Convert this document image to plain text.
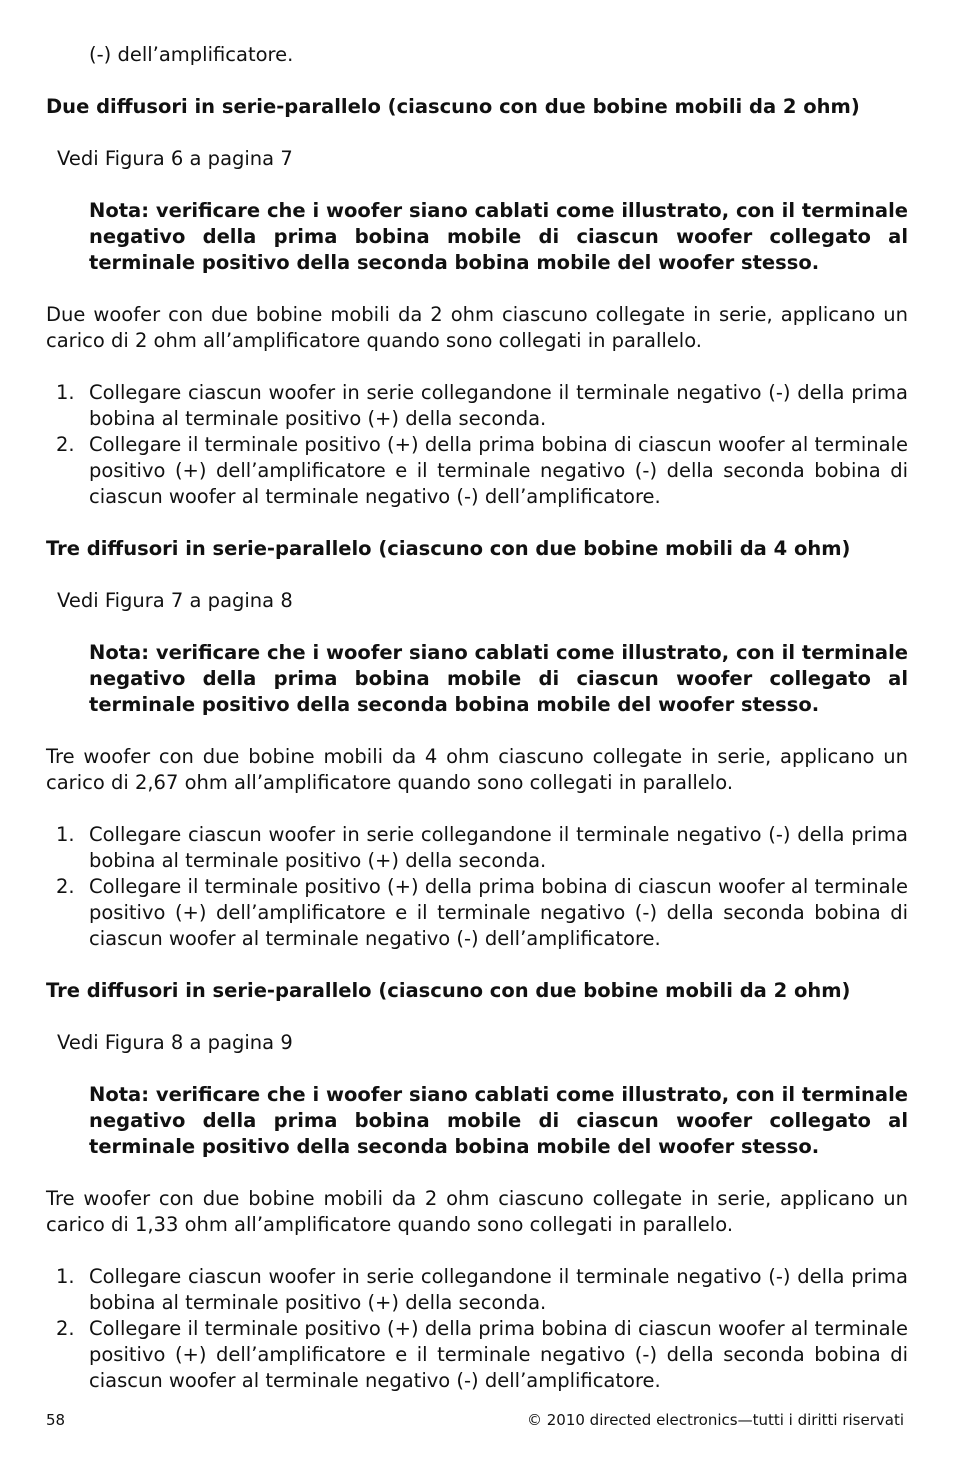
(-) dell’amplificatore.

Due diffusori in serie-parallelo (ciascuno con due bobine mobili da 2 ohm)

Vedi Figura 6 a pagina 7

Nota: verificare che i woofer siano cablati come illustrato, con il terminale negativo della prima bobina mobile di ciascun woofer collegato al terminale positivo della seconda bobina mobile del woofer stesso.

Due woofer con due bobine mobili da 2 ohm ciascuno collegate in serie, applicano un carico di 2 ohm all’amplificatore quando sono collegati in parallelo.

1. Collegare ciascun woofer in serie collegandone il terminale negativo (-) della prima bobina al terminale positivo (+) della seconda.
2. Collegare il terminale positivo (+) della prima bobina di ciascun woofer al terminale positivo (+) dell’amplificatore e il terminale negativo (-) della seconda bobina di ciascun woofer al terminale negativo (-) dell’amplificatore.

Tre diffusori in serie-parallelo (ciascuno con due bobine mobili da 4 ohm)

Vedi Figura 7 a pagina 8

Nota: verificare che i woofer siano cablati come illustrato, con il terminale negativo della prima bobina mobile di ciascun woofer collegato al terminale positivo della seconda bobina mobile del woofer stesso.

Tre woofer con due bobine mobili da 4 ohm ciascuno collegate in serie, applicano un carico di 2,67 ohm all’amplificatore quando sono collegati in parallelo.

1. Collegare ciascun woofer in serie collegandone il terminale negativo (-) della prima bobina al terminale positivo (+) della seconda.
2. Collegare il terminale positivo (+) della prima bobina di ciascun woofer al terminale positivo (+) dell’amplificatore e il terminale negativo (-) della seconda bobina di ciascun woofer al terminale negativo (-) dell’amplificatore.

Tre diffusori in serie-parallelo (ciascuno con due bobine mobili da 2 ohm)

Vedi Figura 8 a pagina 9

Nota: verificare che i woofer siano cablati come illustrato, con il terminale negativo della prima bobina mobile di ciascun woofer collegato al terminale positivo della seconda bobina mobile del woofer stesso.

Tre woofer con due bobine mobili da 2 ohm ciascuno collegate in serie, applicano un carico di 1,33 ohm all’amplificatore quando sono collegati in parallelo.

1. Collegare ciascun woofer in serie collegandone il terminale negativo (-) della prima bobina al terminale positivo (+) della seconda.
2. Collegare il terminale positivo (+) della prima bobina di ciascun woofer al terminale positivo (+) dell’amplificatore e il terminale negativo (-) della seconda bobina di ciascun woofer al terminale negativo (-) dell’amplificatore.
58	© 2010 directed electronics—tutti i diritti riservati
